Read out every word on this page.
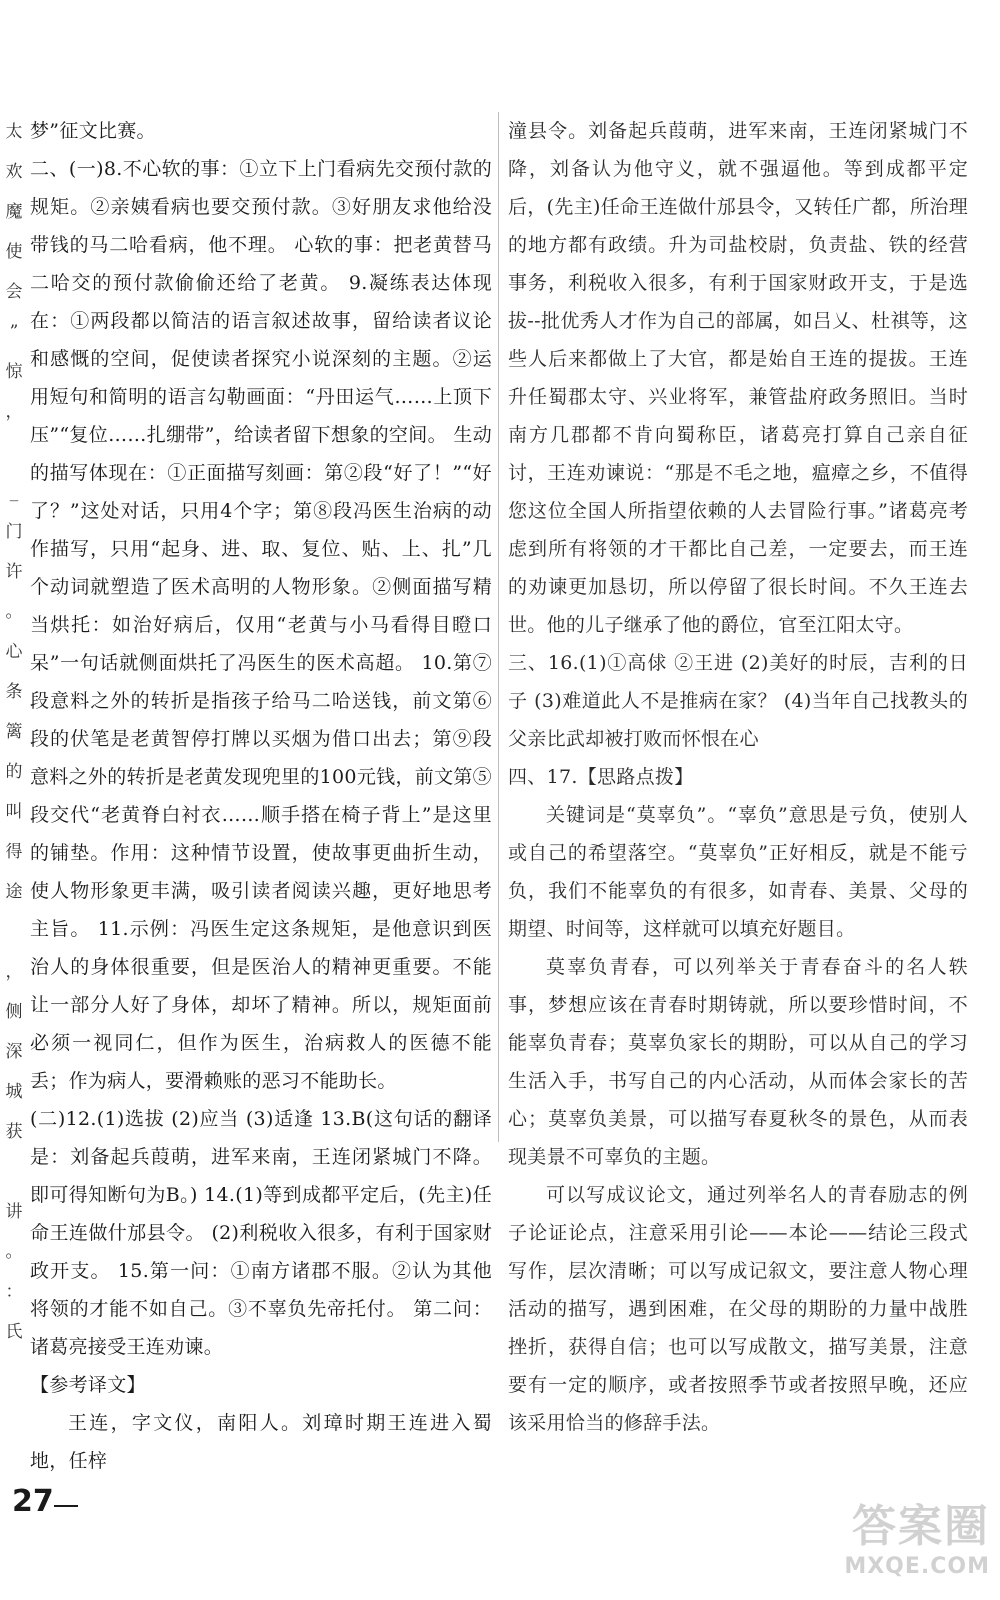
太
欢
魔
使
会
”
惊
，

_
门
许
。
心
条
篱
的
叫
得
途

，
侧
深
城
获

讲
。
：
氏

梦”征文比赛。

二、(一)8.不心软的事：①立下上门看病先交预付款的规矩。②亲姨看病也要交预付款。③好朋友求他给没带钱的马二哈看病，他不理。 心软的事：把老黄替马二哈交的预付款偷偷还给了老黄。 9.凝练表达体现在：①两段都以简洁的语言叙述故事，留给读者议论和感慨的空间，促使读者探究小说深刻的主题。②运用短句和简明的语言勾勒画面：“丹田运气……上顶下压”“复位……扎绷带”，给读者留下想象的空间。 生动的描写体现在：①正面描写刻画：第②段“好了！”“好了？”这处对话，只用4个字；第⑧段冯医生治病的动作描写，只用“起身、进、取、复位、贴、上、扎”几个动词就塑造了医术高明的人物形象。②侧面描写精当烘托：如治好病后，仅用“老黄与小马看得目瞪口呆”一句话就侧面烘托了冯医生的医术高超。 10.第⑦段意料之外的转折是指孩子给马二哈送钱，前文第⑥段的伏笔是老黄智停打牌以买烟为借口出去；第⑨段意料之外的转折是老黄发现兜里的100元钱，前文第⑤段交代“老黄脊白衬衣……顺手搭在椅子背上”是这里的铺垫。作用：这种情节设置，使故事更曲折生动，使人物形象更丰满，吸引读者阅读兴趣，更好地思考主旨。 11.示例：冯医生定这条规矩，是他意识到医治人的身体很重要，但是医治人的精神更重要。不能让一部分人好了身体，却坏了精神。所以，规矩面前必须一视同仁，但作为医生，治病救人的医德不能丢；作为病人，要滑赖账的恶习不能助长。

(二)12.(1)选拔 (2)应当 (3)适逢 13.B(这句话的翻译是：刘备起兵葭萌，进军来南，王连闭紧城门不降。即可得知断句为B。) 14.(1)等到成都平定后，(先主)任命王连做什邡县令。 (2)利税收入很多，有利于国家财政开支。 15.第一问：①南方诸郡不服。②认为其他将领的才能不如自己。③不辜负先帝托付。 第二问：诸葛亮接受王连劝谏。

【参考译文】

王连，字文仪，南阳人。刘璋时期王连进入蜀地，任梓

潼县令。刘备起兵葭萌，进军来南，王连闭紧城门不降，刘备认为他守义，就不强逼他。等到成都平定后，(先主)任命王连做什邡县令，又转任广都，所治理的地方都有政绩。升为司盐校尉，负责盐、铁的经营事务，利税收入很多，有利于国家财政开支，于是选拔--批优秀人才作为自己的部属，如吕乂、杜祺等，这些人后来都做上了大官，都是始自王连的提拔。王连升任蜀郡太守、兴业将军，兼管盐府政务照旧。当时南方几郡都不肯向蜀称臣，诸葛亮打算自己亲自征讨，王连劝谏说：“那是不毛之地，瘟瘴之乡，不值得您这位全国人所指望依赖的人去冒险行事。”诸葛亮考虑到所有将领的才干都比自己差，一定要去，而王连的劝谏更加恳切，所以停留了很长时间。不久王连去世。他的儿子继承了他的爵位，官至江阳太守。

三、16.(1)①高俅 ②王进 (2)美好的时辰，吉利的日子 (3)难道此人不是推病在家？ (4)当年自己找教头的父亲比武却被打败而怀恨在心

四、17.【思路点拨】

关键词是“莫辜负”。“辜负”意思是亏负，使别人或自己的希望落空。“莫辜负”正好相反，就是不能亏负，我们不能辜负的有很多，如青春、美景、父母的期望、时间等，这样就可以填充好题目。

莫辜负青春，可以列举关于青春奋斗的名人轶事，梦想应该在青春时期铸就，所以要珍惜时间，不能辜负青春；莫辜负家长的期盼，可以从自己的学习生活入手，书写自己的内心活动，从而体会家长的苦心；莫辜负美景，可以描写春夏秋冬的景色，从而表现美景不可辜负的主题。

可以写成议论文，通过列举名人的青春励志的例子论证论点，注意采用引论——本论——结论三段式写作，层次清晰；可以写成记叙文，要注意人物心理活动的描写，遇到困难，在父母的期盼的力量中战胜挫折，获得自信；也可以写成散文，描写美景，注意要有一定的顺序，或者按照季节或者按照早晚，还应该采用恰当的修辞手法。

27	答案圈
MXQE.COM
